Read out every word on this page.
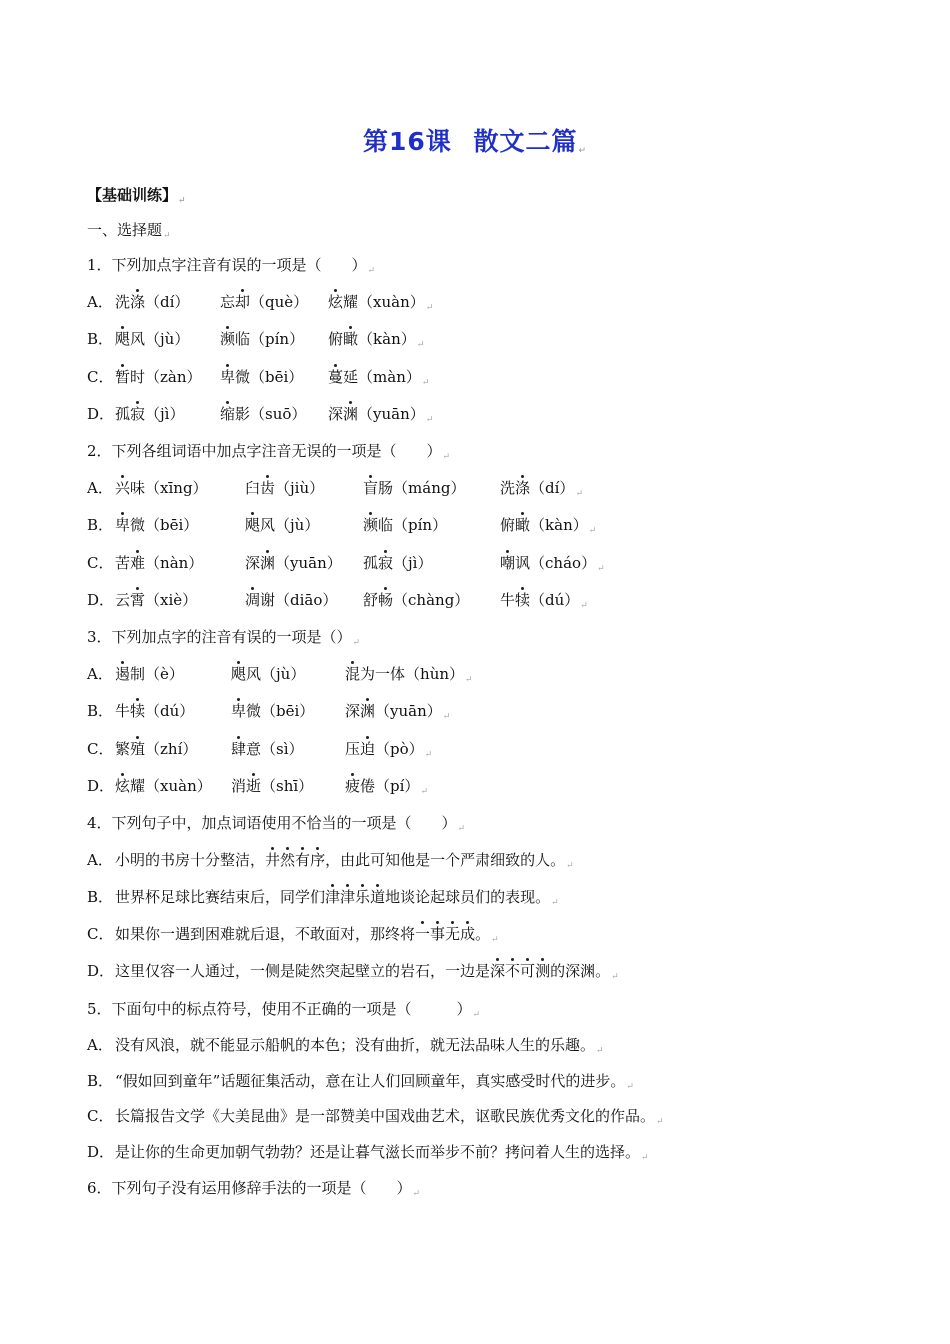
第16课 散文二篇↵
【基础训练】$_↵$
一、选择题$_↵$
1．下列加点字注音有误的一项是（　　）$_↵$
A． 洗涤（dí） 忘却（què） 炫耀$(xuàn)_↵$
B． 飓风（jù） 濒临（pín） 俯瞰$(kàn)_↵$
C． 暂时（zàn） 卑微（bēi） 蔓延$(màn)_↵$
D． 孤寂（jì） 缩影（suō） 深渊$(yuān)_↵$
2．下列各组词语中加点字注音无误的一项是（　　）$_↵$
A． 兴味（xīng） 臼齿（jiù）	盲肠（máng） 洗涤$(dí)_↵$
B． 卑微（bēi）	飓风（jù）	濒临（pín）	俯瞰$(kàn)_↵$
C． 苦难（nàn）	深渊（yuān） 孤寂（jì）	嘲讽$(cháo)_↵$
D． 云霄（xiè）	凋谢（diāo） 舒畅（chàng） 牛犊$(dú)_↵$
3．下列加点字的注音有误的一项是$()_↵$
A． 遏制（è）	飓风（jù）	混为一体$(hùn)_↵$
B． 牛犊（dú） 卑微（bēi） 深渊$(yuān)_↵$
C． 繁殖（zhí） 肆意（sì）	压迫$(pò)_↵$
D． 炫耀（xuàn） 消逝（shī） 疲倦$(pí)_↵$
4．下列句子中，加点词语使用不恰当的一项是（　　）$_↵$
A． 小明的书房十分整洁，井然有序，由此可知他是一个严肃细致的人。$_↵$
B． 世界杯足球比赛结束后，同学们津津乐道地谈论起球员们的表现。$_↵$
C． 如果你一遇到困难就后退，不敢面对，那终将一事无成。$_↵$
D．这里仅容一人通过，一侧是陡然突起壁立的岩石，一边是深不可测的深渊。$_↵$
5．下面句中的标点符号，使用不正确的一项是（　　　）$_↵$
A． 没有风浪，就不能显示船帆的本色；没有曲折，就无法品味人生的乐趣。$_↵$
B． “假如回到童年”话题征集活动，意在让人们回顾童年，真实感受时代的进步。$_↵$
C． 长篇报告文学《大美昆曲》是一部赞美中国戏曲艺术，讴歌民族优秀文化的作品。$_↵$
D．是让你的生命更加朝气勃勃？还是让暮气滋长而举步不前？拷问着人生的选择。$_↵$
6．下列句子没有运用修辞手法的一项是（　　）$_↵$
